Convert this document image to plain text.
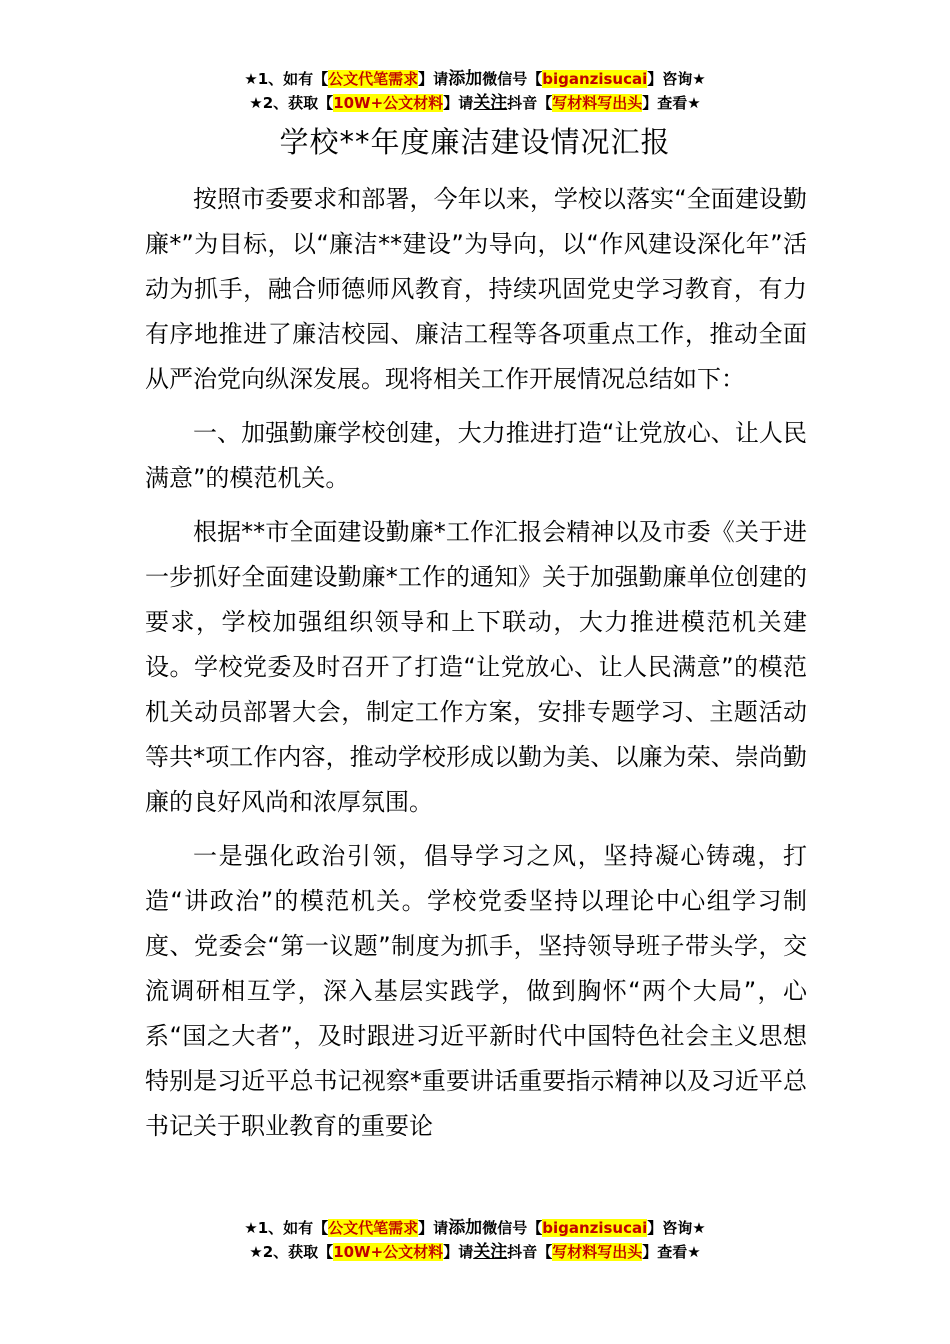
★1、如有【公文代笔需求】请添加微信号【biganzisucai】咨询★
★2、获取【10W+公文材料】请关注抖音【写材料写出头】查看★
学校**年度廉洁建设情况汇报

按照市委要求和部署，今年以来，学校以落实“全面建设勤廉*”为目标，以“廉洁**建设”为导向，以“作风建设深化年”活动为抓手，融合师德师风教育，持续巩固党史学习教育，有力有序地推进了廉洁校园、廉洁工程等各项重点工作，推动全面从严治党向纵深发展。现将相关工作开展情况总结如下：

一、加强勤廉学校创建，大力推进打造“让党放心、让人民满意”的模范机关。

根据**市全面建设勤廉*工作汇报会精神以及市委《关于进一步抓好全面建设勤廉*工作的通知》关于加强勤廉单位创建的要求，学校加强组织领导和上下联动，大力推进模范机关建设。学校党委及时召开了打造“让党放心、让人民满意”的模范机关动员部署大会，制定工作方案，安排专题学习、主题活动等共*项工作内容，推动学校形成以勤为美、以廉为荣、崇尚勤廉的良好风尚和浓厚氛围。

一是强化政治引领，倡导学习之风，坚持凝心铸魂，打造“讲政治”的模范机关。学校党委坚持以理论中心组学习制度、党委会“第一议题”制度为抓手，坚持领导班子带头学，交流调研相互学，深入基层实践学，做到胸怀“两个大局”，心系“国之大者”，及时跟进习近平新时代中国特色社会主义思想特别是习近平总书记视察*重要讲话重要指示精神以及习近平总书记关于职业教育的重要论

★1、如有【公文代笔需求】请添加微信号【biganzisucai】咨询★
★2、获取【10W+公文材料】请关注抖音【写材料写出头】查看★
